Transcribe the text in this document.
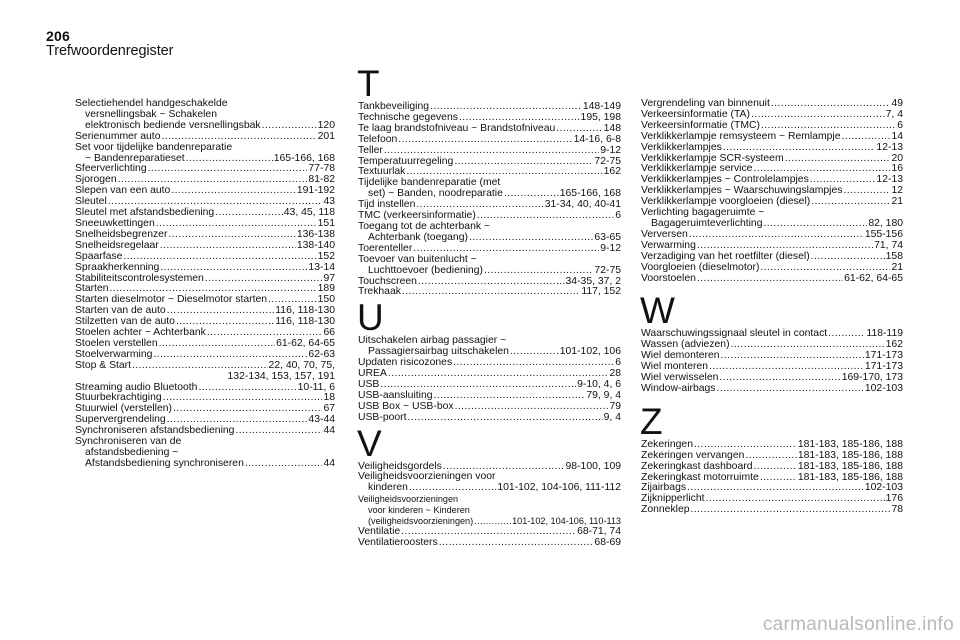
206
Trefwoordenregister
Selectiehendel handgeschakelde
versnellingsbak ~ Schakelen
elektronisch bediende versnellingsbak .....	120
Serienummer auto .....	201
Set voor tijdelijke bandenreparatie
~ Bandenreparatieset .....	165-166, 168
Sfeerverlichting .....	77-78
Sjorogen .....	81-82
Slepen van een auto .....	191-192
Sleutel .....	43
Sleutel met afstandsbediening .....	43, 45, 118
Sneeuwkettingen .....	151
Snelheidsbegrenzer .....	136-138
Snelheidsregelaar .....	138-140
Spaarfase .....	152
Spraakherkenning .....	13-14
Stabiliteitscontrolesystemen .....	97
Starten .....	189
Starten dieselmotor ~ Dieselmotor starten .....	150
Starten van de auto .....	116, 118-130
Stilzetten van de auto .....	116, 118-130
Stoelen achter ~ Achterbank .....	66
Stoelen verstellen .....	61-62, 64-65
Stoelverwarming .....	62-63
Stop & Start .....	22, 40, 70, 75,
132-134, 153, 157, 191
Streaming audio Bluetooth .....	10-11, 6
Stuurbekrachtiging .....	18
Stuurwiel (verstellen) .....	67
Supervergrendeling .....	43-44
Synchroniseren afstandsbediening .....	44
Synchroniseren van de
afstandsbediening ~
Afstandsbediening synchroniseren .....	44
T
Tankbeveiliging .....	148-149
Technische gegevens .....	195, 198
Te laag brandstofniveau ~ Brandstofniveau .....	148
Telefoon .....	14-16, 6-8
Teller .....	9-12
Temperatuurregeling .....	72-75
Textuurlak .....	162
Tijdelijke bandenreparatie (met
set) ~ Banden, noodreparatie .....	165-166, 168
Tijd instellen .....	31-34, 40, 40-41
TMC (verkeersinformatie) .....	6
Toegang tot de achterbank ~
Achterbank (toegang) .....	63-65
Toerenteller .....	9-12
Toevoer van buitenlucht ~
Luchttoevoer (bediening) .....	72-75
Touchscreen .....	34-35, 37, 2
Trekhaak .....	117, 152
U
Uitschakelen airbag passagier ~
Passagiersairbag uitschakelen .....	101-102, 106
Updaten risicozones .....	6
UREA .....	28
USB .....	9-10, 4, 6
USB-aansluiting .....	79, 9, 4
USB Box ~ USB-box .....	79
USB-poort .....	9, 4
V
Veiligheidsgordels .....	98-100, 109
Veiligheidsvoorzieningen voor
kinderen .....	101-102, 104-106, 111-112
Veiligheidsvoorzieningen
voor kinderen ~ Kinderen
(veiligheidsvoorzieningen) .....	101-102, 104-106, 110-113
Ventilatie .....	68-71, 74
Ventilatieroosters .....	68-69
Vergrendeling van binnenuit .....	49
Verkeersinformatie (TA) .....	7, 4
Verkeersinformatie (TMC) .....	6
Verklikkerlampje remsysteem ~ Remlampje .....	14
Verklikkerlampjes .....	12-13
Verklikkerlampje SCR-systeem .....	20
Verklikkerlampje service .....	16
Verklikkerlampjes ~ Controlelampjes .....	12-13
Verklikkerlampjes ~ Waarschuwingslampjes .....	12
Verklikkerlampje voorgloeien (diesel) .....	21
Verlichting bagageruimte ~
Bagageruimteverlichting .....	82, 180
Verversen .....	155-156
Verwarming .....	71, 74
Verzadiging van het roetfilter (diesel) .....	158
Voorgloeien (dieselmotor) .....	21
Voorstoelen .....	61-62, 64-65
W
Waarschuwingssignaal sleutel in contact .....	118-119
Wassen (adviezen) .....	162
Wiel demonteren .....	171-173
Wiel monteren .....	171-173
Wiel verwisselen .....	169-170, 173
Window-airbags .....	102-103
Z
Zekeringen .....	181-183, 185-186, 188
Zekeringen vervangen .....	181-183, 185-186, 188
Zekeringkast dashboard .....	181-183, 185-186, 188
Zekeringkast motorruimte .....	181-183, 185-186, 188
Zijairbags .....	102-103
Zijknipperlicht .....	176
Zonneklep .....	78
carmanualsonline.info
